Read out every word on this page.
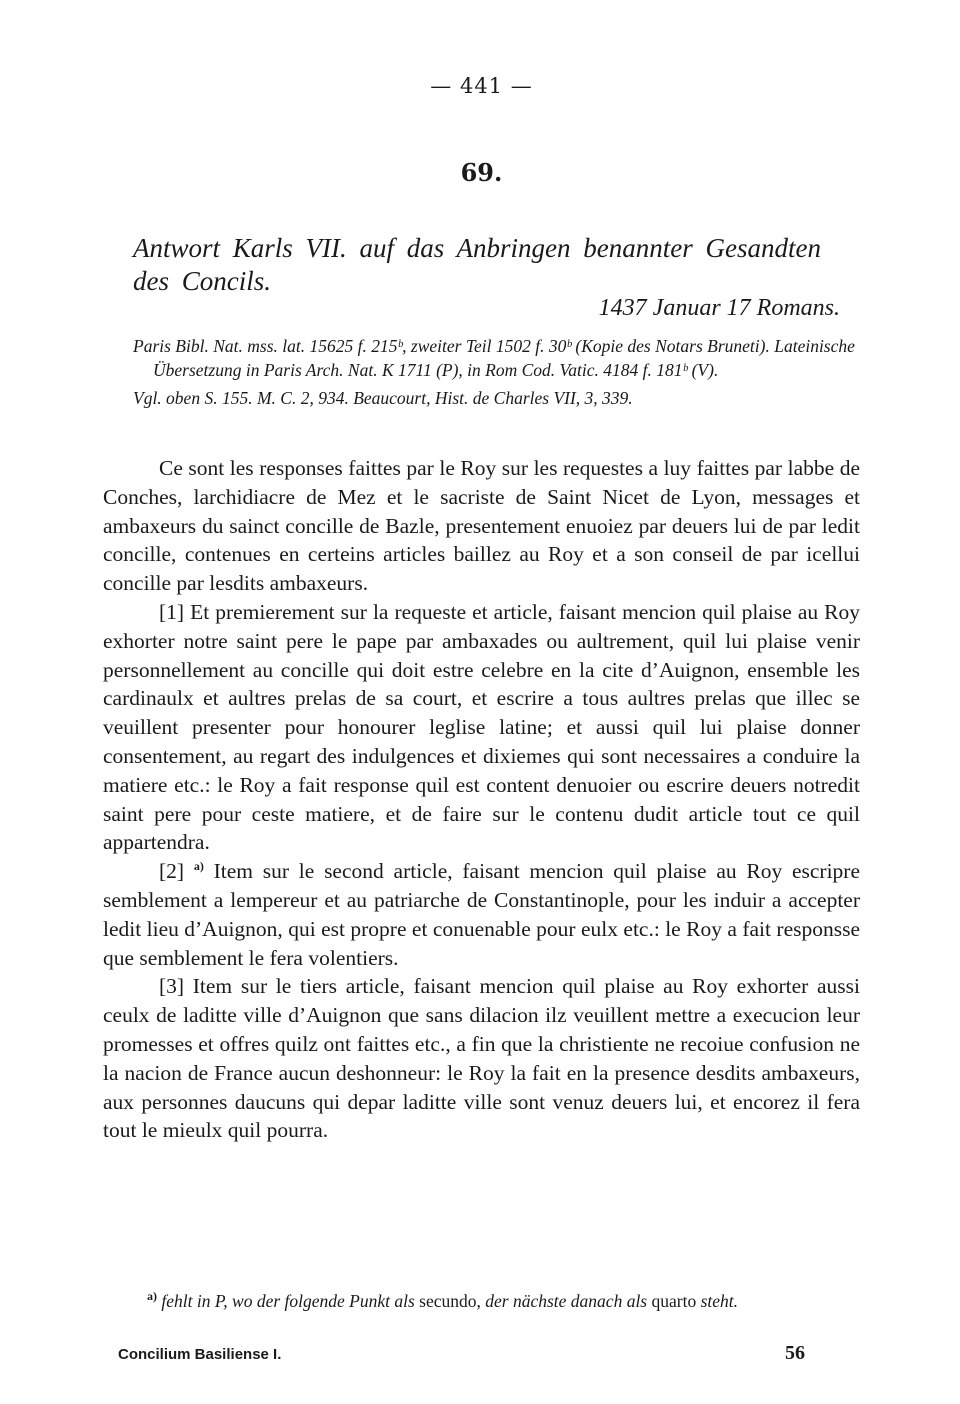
— 441 —
69.
Antwort Karls VII. auf das Anbringen benannter Gesandten des Concils.
1437 Januar 17 Romans.

Paris Bibl. Nat. mss. lat. 15625 f. 215ᵇ, zweiter Teil 1502 f. 30ᵇ (Kopie des Notars Bruneti). Lateinische Übersetzung in Paris Arch. Nat. K 1711 (P), in Rom Cod. Vatic. 4184 f. 181ᵇ (V).

Vgl. oben S. 155. M. C. 2, 934. Beaucourt, Hist. de Charles VII, 3, 339.

Ce sont les responses faittes par le Roy sur les requestes a luy faittes par labbe de Conches, larchidiacre de Mez et le sacriste de Saint Nicet de Lyon, messages et ambaxeurs du sainct concille de Bazle, presentement enuoiez par deuers lui de par ledit concille, contenues en certeins articles baillez au Roy et a son conseil de par icellui concille par lesdits ambaxeurs.

[1] Et premierement sur la requeste et article, faisant mencion quil plaise au Roy exhorter notre saint pere le pape par ambaxades ou aultrement, quil lui plaise venir personnellement au concille qui doit estre celebre en la cite d’Auignon, ensemble les cardinaulx et aultres prelas de sa court, et escrire a tous aultres prelas que illec se veuillent presenter pour honourer leglise latine; et aussi quil lui plaise donner consentement, au regart des indulgences et dixiemes qui sont necessaires a conduire la matiere etc.: le Roy a fait response quil est content denuoier ou escrire deuers notredit saint pere pour ceste matiere, et de faire sur le contenu dudit article tout ce quil appartendra.

[2] $^{a)}$ Item sur le second article, faisant mencion quil plaise au Roy escripre semblement a lempereur et au patriarche de Constantinople, pour les induir a accepter ledit lieu d’Auignon, qui est propre et conuenable pour eulx etc.: le Roy a fait responsse que semblement le fera volentiers.

[3] Item sur le tiers article, faisant mencion quil plaise au Roy exhorter aussi ceulx de laditte ville d’Auignon que sans dilacion ilz veuillent mettre a execucion leur promesses et offres quilz ont faittes etc., a fin que la christiente ne recoiue confusion ne la nacion de France aucun deshonneur: le Roy la fait en la presence desdits ambaxeurs, aux personnes daucuns qui depar laditte ville sont venuz deuers lui, et encorez il fera tout le mieulx quil pourra.

$^{a)}$ fehlt in P, wo der folgende Punkt als secundo, der nächste danach als quarto steht.

Concilium Basiliense I.	56
